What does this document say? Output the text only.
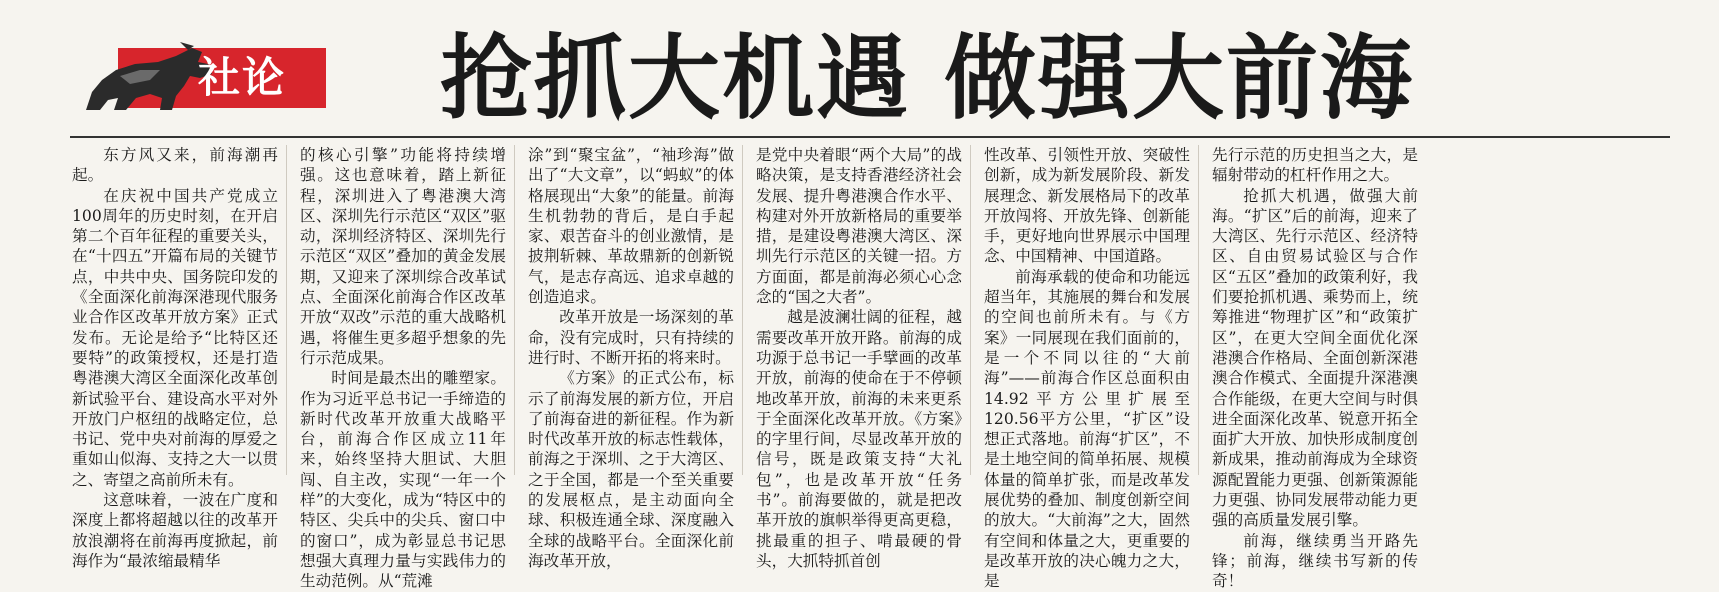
社论 抢抓大机遇 做强大前海

东方风又来，前海潮再起。

在庆祝中国共产党成立100周年的历史时刻，在开启第二个百年征程的重要关头，在“十四五”开篇布局的关键节点，中共中央、国务院印发的《全面深化前海深港现代服务业合作区改革开放方案》正式发布。无论是给予“比特区还要特”的政策授权，还是打造粤港澳大湾区全面深化改革创新试验平台、建设高水平对外开放门户枢纽的战略定位，总书记、党中央对前海的厚爱之重如山似海、支持之大一以贯之、寄望之高前所未有。

这意味着，一波在广度和深度上都将超越以往的改革开放浪潮将在前海再度掀起，前海作为“最浓缩最精华

的核心引擎”功能将持续增强。这也意味着，踏上新征程，深圳进入了粤港澳大湾区、深圳先行示范区“双区”驱动，深圳经济特区、深圳先行示范区“双区”叠加的黄金发展期，又迎来了深圳综合改革试点、全面深化前海合作区改革开放“双改”示范的重大战略机遇，将催生更多超乎想象的先行示范成果。

时间是最杰出的雕塑家。作为习近平总书记一手缔造的新时代改革开放重大战略平台，前海合作区成立11年来，始终坚持大胆试、大胆闯、自主改，实现“一年一个样”的大变化，成为“特区中的特区、尖兵中的尖兵、窗口中的窗口”，成为彰显总书记思想强大真理力量与实践伟力的生动范例。从“荒滩

涂”到“聚宝盆”，“袖珍海”做出了“大文章”，以“蚂蚁”的体格展现出“大象”的能量。前海生机勃勃的背后，是白手起家、艰苦奋斗的创业激情，是披荆斩棘、革故鼎新的创新锐气，是志存高远、追求卓越的创造追求。

改革开放是一场深刻的革命，没有完成时，只有持续的进行时、不断开拓的将来时。

《方案》的正式公布，标示了前海发展的新方位，开启了前海奋进的新征程。作为新时代改革开放的标志性载体，前海之于深圳、之于大湾区、之于全国，都是一个至关重要的发展枢点，是主动面向全球、积极连通全球、深度融入全球的战略平台。全面深化前海改革开放，

是党中央着眼“两个大局”的战略决策，是支持香港经济社会发展、提升粤港澳合作水平、构建对外开放新格局的重要举措，是建设粤港澳大湾区、深圳先行示范区的关键一招。方方面面，都是前海必须心心念念的“国之大者”。

越是波澜壮阔的征程，越需要改革开放开路。前海的成功源于总书记一手擘画的改革开放，前海的使命在于不停顿地改革开放，前海的未来更系于全面深化改革开放。《方案》的字里行间，尽显改革开放的信号，既是政策支持“大礼包”，也是改革开放“任务书”。前海要做的，就是把改革开放的旗帜举得更高更稳，挑最重的担子、啃最硬的骨头，大抓特抓首创

性改革、引领性开放、突破性创新，成为新发展阶段、新发展理念、新发展格局下的改革开放闯将、开放先锋、创新能手，更好地向世界展示中国理念、中国精神、中国道路。

前海承载的使命和功能远超当年，其施展的舞台和发展的空间也前所未有。与《方案》一同展现在我们面前的，是一个不同以往的“大前海”——前海合作区总面积由14.92平方公里扩展至120.56平方公里，“扩区”设想正式落地。前海“扩区”，不是土地空间的简单拓展、规模体量的简单扩张，而是改革发展优势的叠加、制度创新空间的放大。“大前海”之大，固然有空间和体量之大，更重要的是改革开放的决心魄力之大，是

先行示范的历史担当之大，是辐射带动的杠杆作用之大。

抢抓大机遇，做强大前海。“扩区”后的前海，迎来了大湾区、先行示范区、经济特区、自由贸易试验区与合作区“五区”叠加的政策利好，我们要抢抓机遇、乘势而上，统筹推进“物理扩区”和“政策扩区”，在更大空间全面优化深港澳合作格局、全面创新深港澳合作模式、全面提升深港澳合作能级，在更大空间与时俱进全面深化改革、锐意开拓全面扩大开放、加快形成制度创新成果，推动前海成为全球资源配置能力更强、创新策源能力更强、协同发展带动能力更强的高质量发展引擎。

前海，继续勇当开路先锋；前海，继续书写新的传奇！
